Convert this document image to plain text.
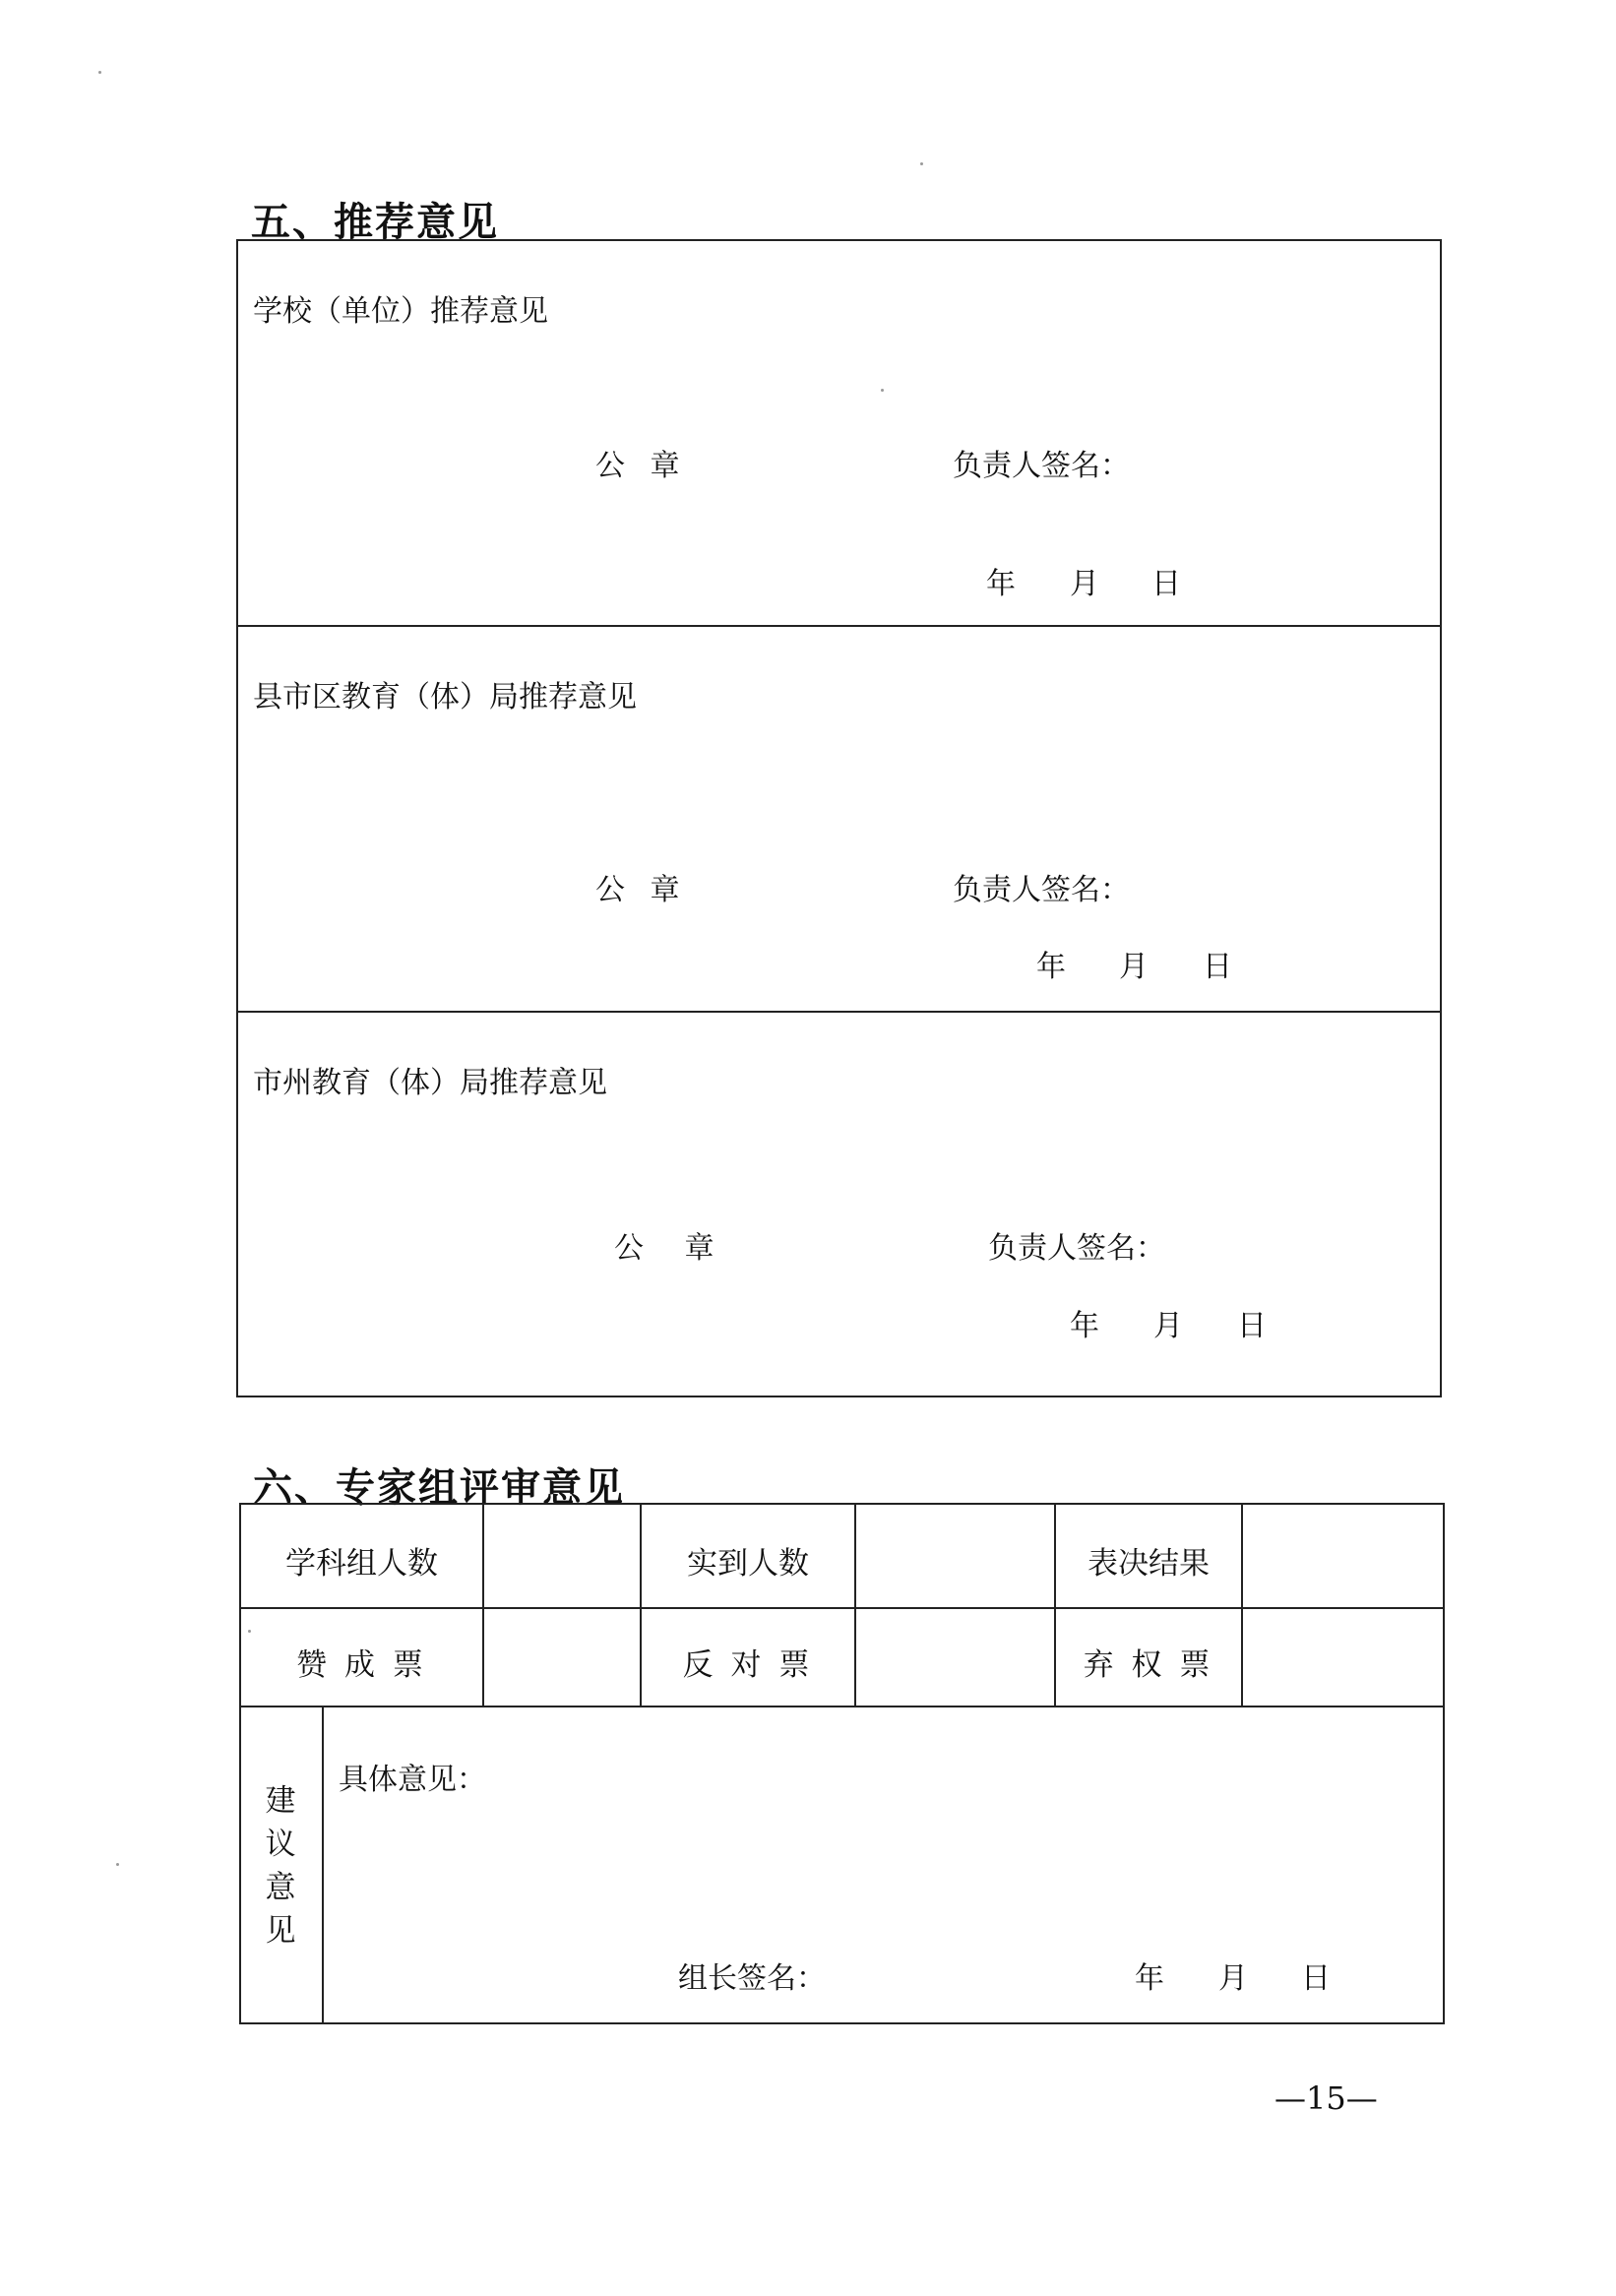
五、推荐意见
学校（单位）推荐意见
公 章	负责人签名：
年 月 日
县市区教育（体）局推荐意见
公 章	负责人签名：
年 月 日
市州教育（体）局推荐意见
公 章	负责人签名：
年 月 日
六、专家组评审意见
学科组人数	实到人数	表决结果
赞 成 票	反 对 票	弃 权 票
建议意见
具体意见：
组长签名：	年 月 日
—15—
